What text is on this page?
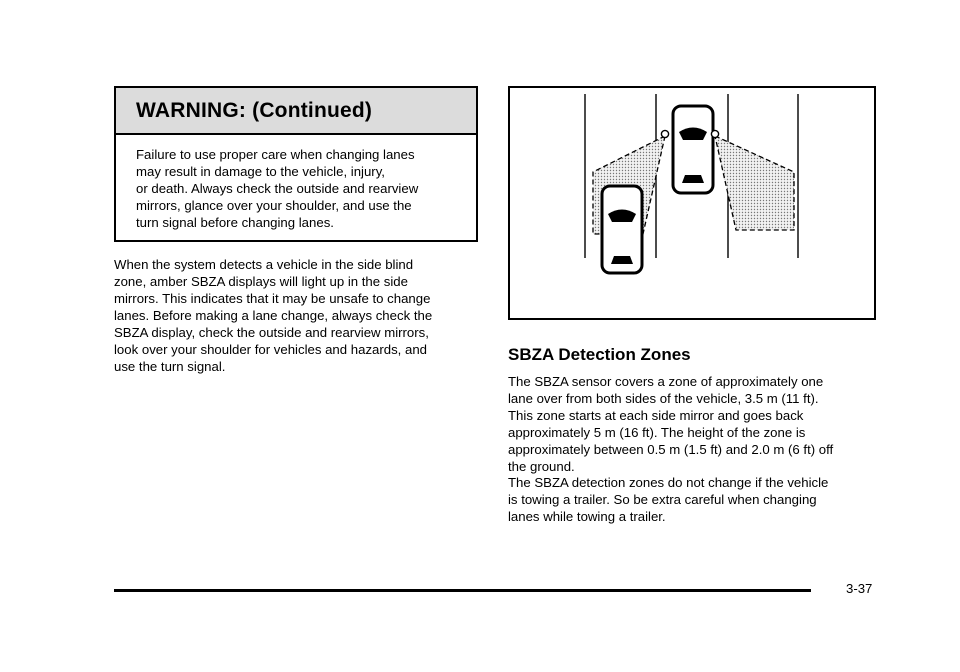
WARNING: (Continued)
Failure to use proper care when changing lanes
may result in damage to the vehicle, injury,
or death. Always check the outside and rearview
mirrors, glance over your shoulder, and use the
turn signal before changing lanes.
When the system detects a vehicle in the side blind
zone, amber SBZA displays will light up in the side
mirrors. This indicates that it may be unsafe to change
lanes. Before making a lane change, always check the
SBZA display, check the outside and rearview mirrors,
look over your shoulder for vehicles and hazards, and
use the turn signal.
SBZA Detection Zones
The SBZA sensor covers a zone of approximately one
lane over from both sides of the vehicle, 3.5 m (11 ft).
This zone starts at each side mirror and goes back
approximately 5 m (16 ft). The height of the zone is
approximately between 0.5 m (1.5 ft) and 2.0 m (6 ft) off
the ground.
The SBZA detection zones do not change if the vehicle
is towing a trailer. So be extra careful when changing
lanes while towing a trailer.
3-37
